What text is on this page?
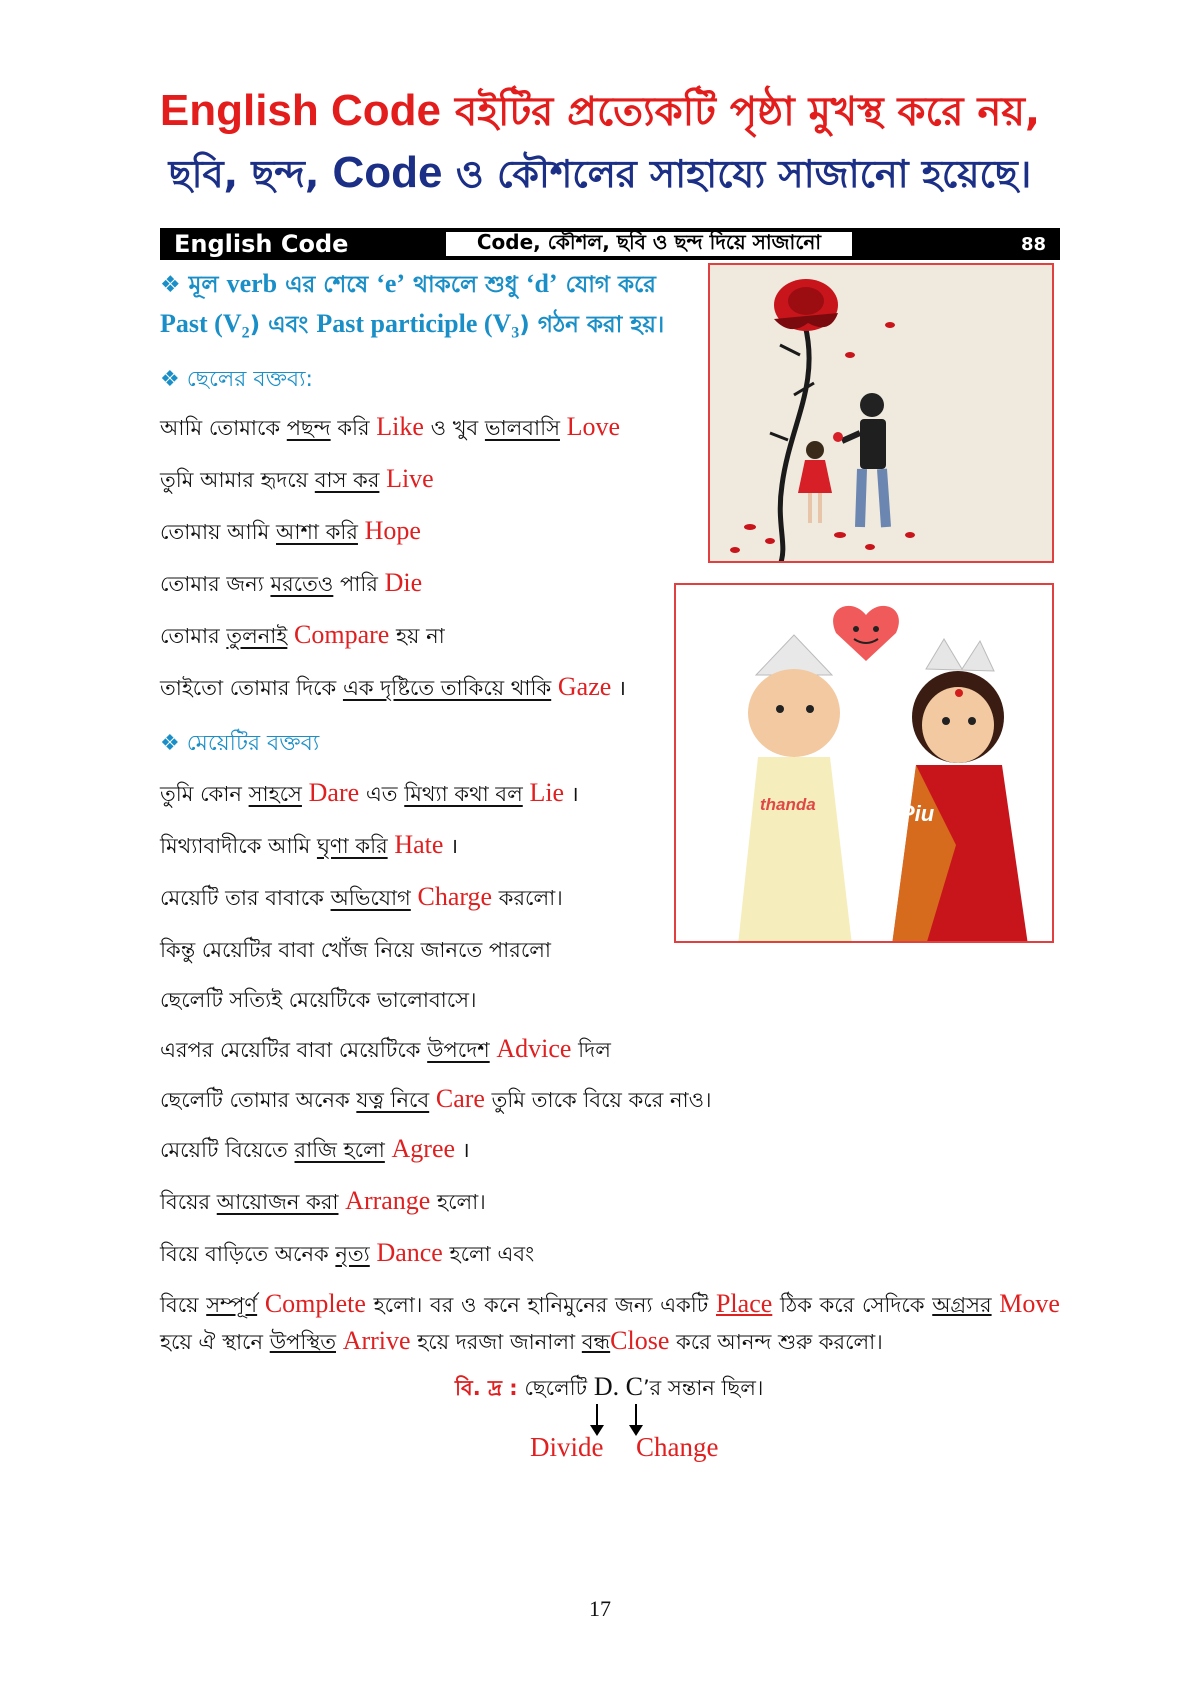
English Code বইটির প্রত্যেকটি পৃষ্ঠা মুখস্থ করে নয়,
ছবি, ছন্দ, Code ও কৌশলের সাহায্যে সাজানো হয়েছে।
English Code	Code, কৌশল, ছবি ও ছন্দ দিয়ে সাজানো	88
❖ মূল verb এর শেষে ‘e’ থাকলে শুধু ‘d’ যোগ করে
Past $(V_2)$ এবং Past participle $(V_3)$ গঠন করা হয়।
❖ ছেলের বক্তব্য:
আমি তোমাকে পছন্দ করি Like ও খুব ভালবাসি Love
তুমি আমার হৃদয়ে বাস কর Live
তোমায় আমি আশা করি Hope
তোমার জন্য মরতেও পারি Die
তোমার তুলনাই Compare হয় না
তাইতো তোমার দিকে এক দৃষ্টিতে তাকিয়ে থাকি Gaze ।
❖ মেয়েটির বক্তব্য
তুমি কোন সাহসে Dare এত মিথ্যা কথা বল Lie ।
মিথ্যাবাদীকে আমি ঘৃণা করি Hate ।
মেয়েটি তার বাবাকে অভিযোগ Charge করলো।
কিন্তু মেয়েটির বাবা খোঁজ নিয়ে জানতে পারলো
ছেলেটি সত্যিই মেয়েটিকে ভালোবাসে।
এরপর মেয়েটির বাবা মেয়েটিকে উপদেশ Advice দিল
ছেলেটি তোমার অনেক যত্ন নিবে Care তুমি তাকে বিয়ে করে নাও।
মেয়েটি বিয়েতে রাজি হলো Agree ।
বিয়ের আয়োজন করা Arrange হলো।
বিয়ে বাড়িতে অনেক নৃত্য Dance হলো এবং
বিয়ে সম্পূর্ণ Complete হলো। বর ও কনে হানিমুনের জন্য একটি Place ঠিক করে সেদিকে অগ্রসর Move হয়ে ঐ স্থানে উপস্থিত Arrive হয়ে দরজা জানালা বন্ধClose করে আনন্দ শুরু করলো।
বি. দ্র : ছেলেটি D. C’র সন্তান ছিল।
Divide Change
17
thanda	Piu
